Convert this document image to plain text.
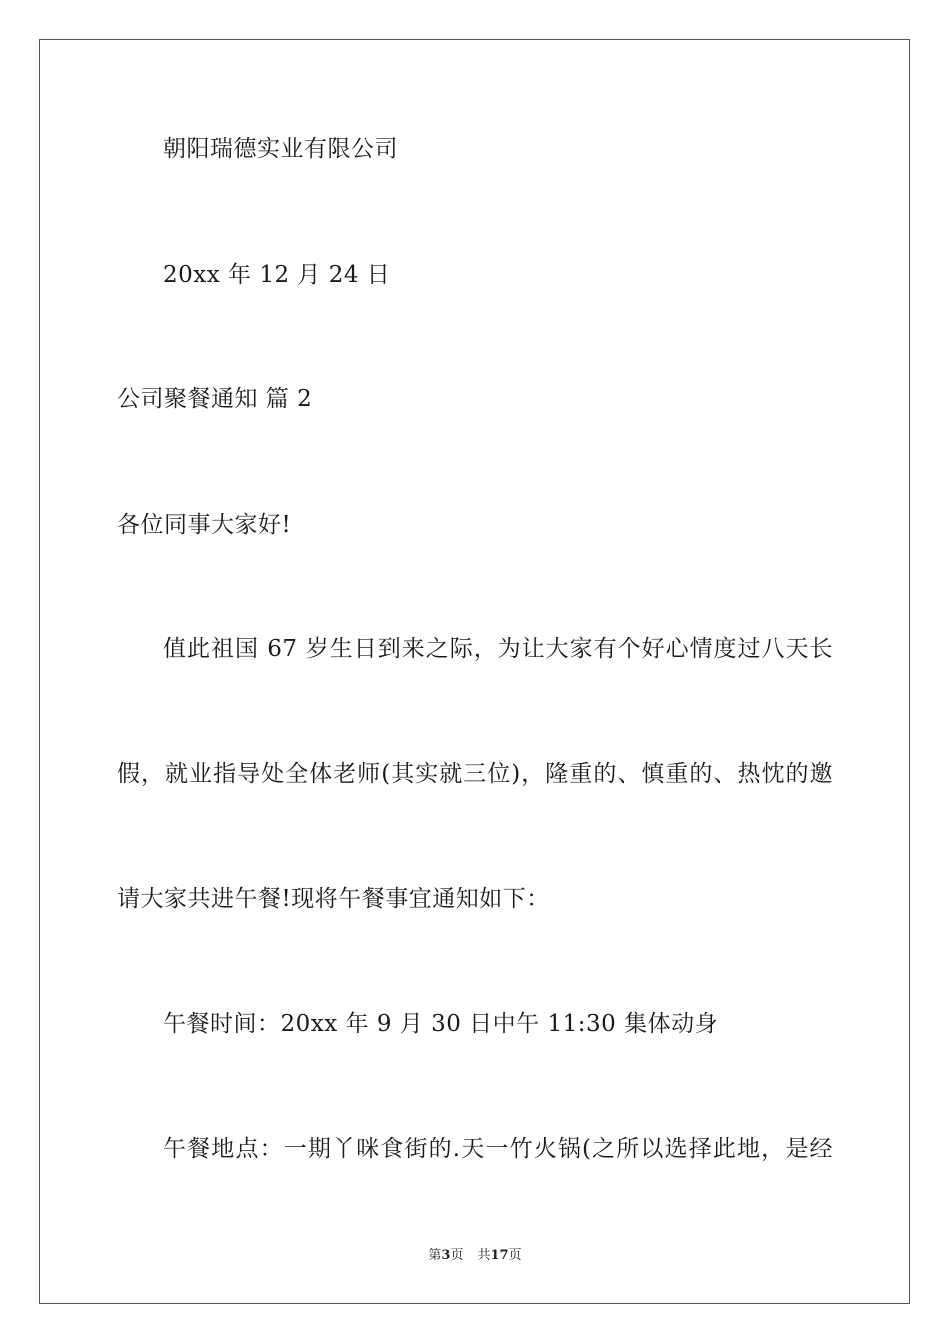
朝阳瑞德实业有限公司
20xx 年 12 月 24 日
公司聚餐通知 篇 2
各位同事大家好!
值此祖国 67 岁生日到来之际，为让大家有个好心情度过八天长
假，就业指导处全体老师(其实就三位)，隆重的、慎重的、热忱的邀
请大家共进午餐!现将午餐事宜通知如下：
午餐时间：20xx 年 9 月 30 日中午 11:30 集体动身
午餐地点：一期丫咪食街的.天一竹火锅(之所以选择此地，是经
第3页 共17页
